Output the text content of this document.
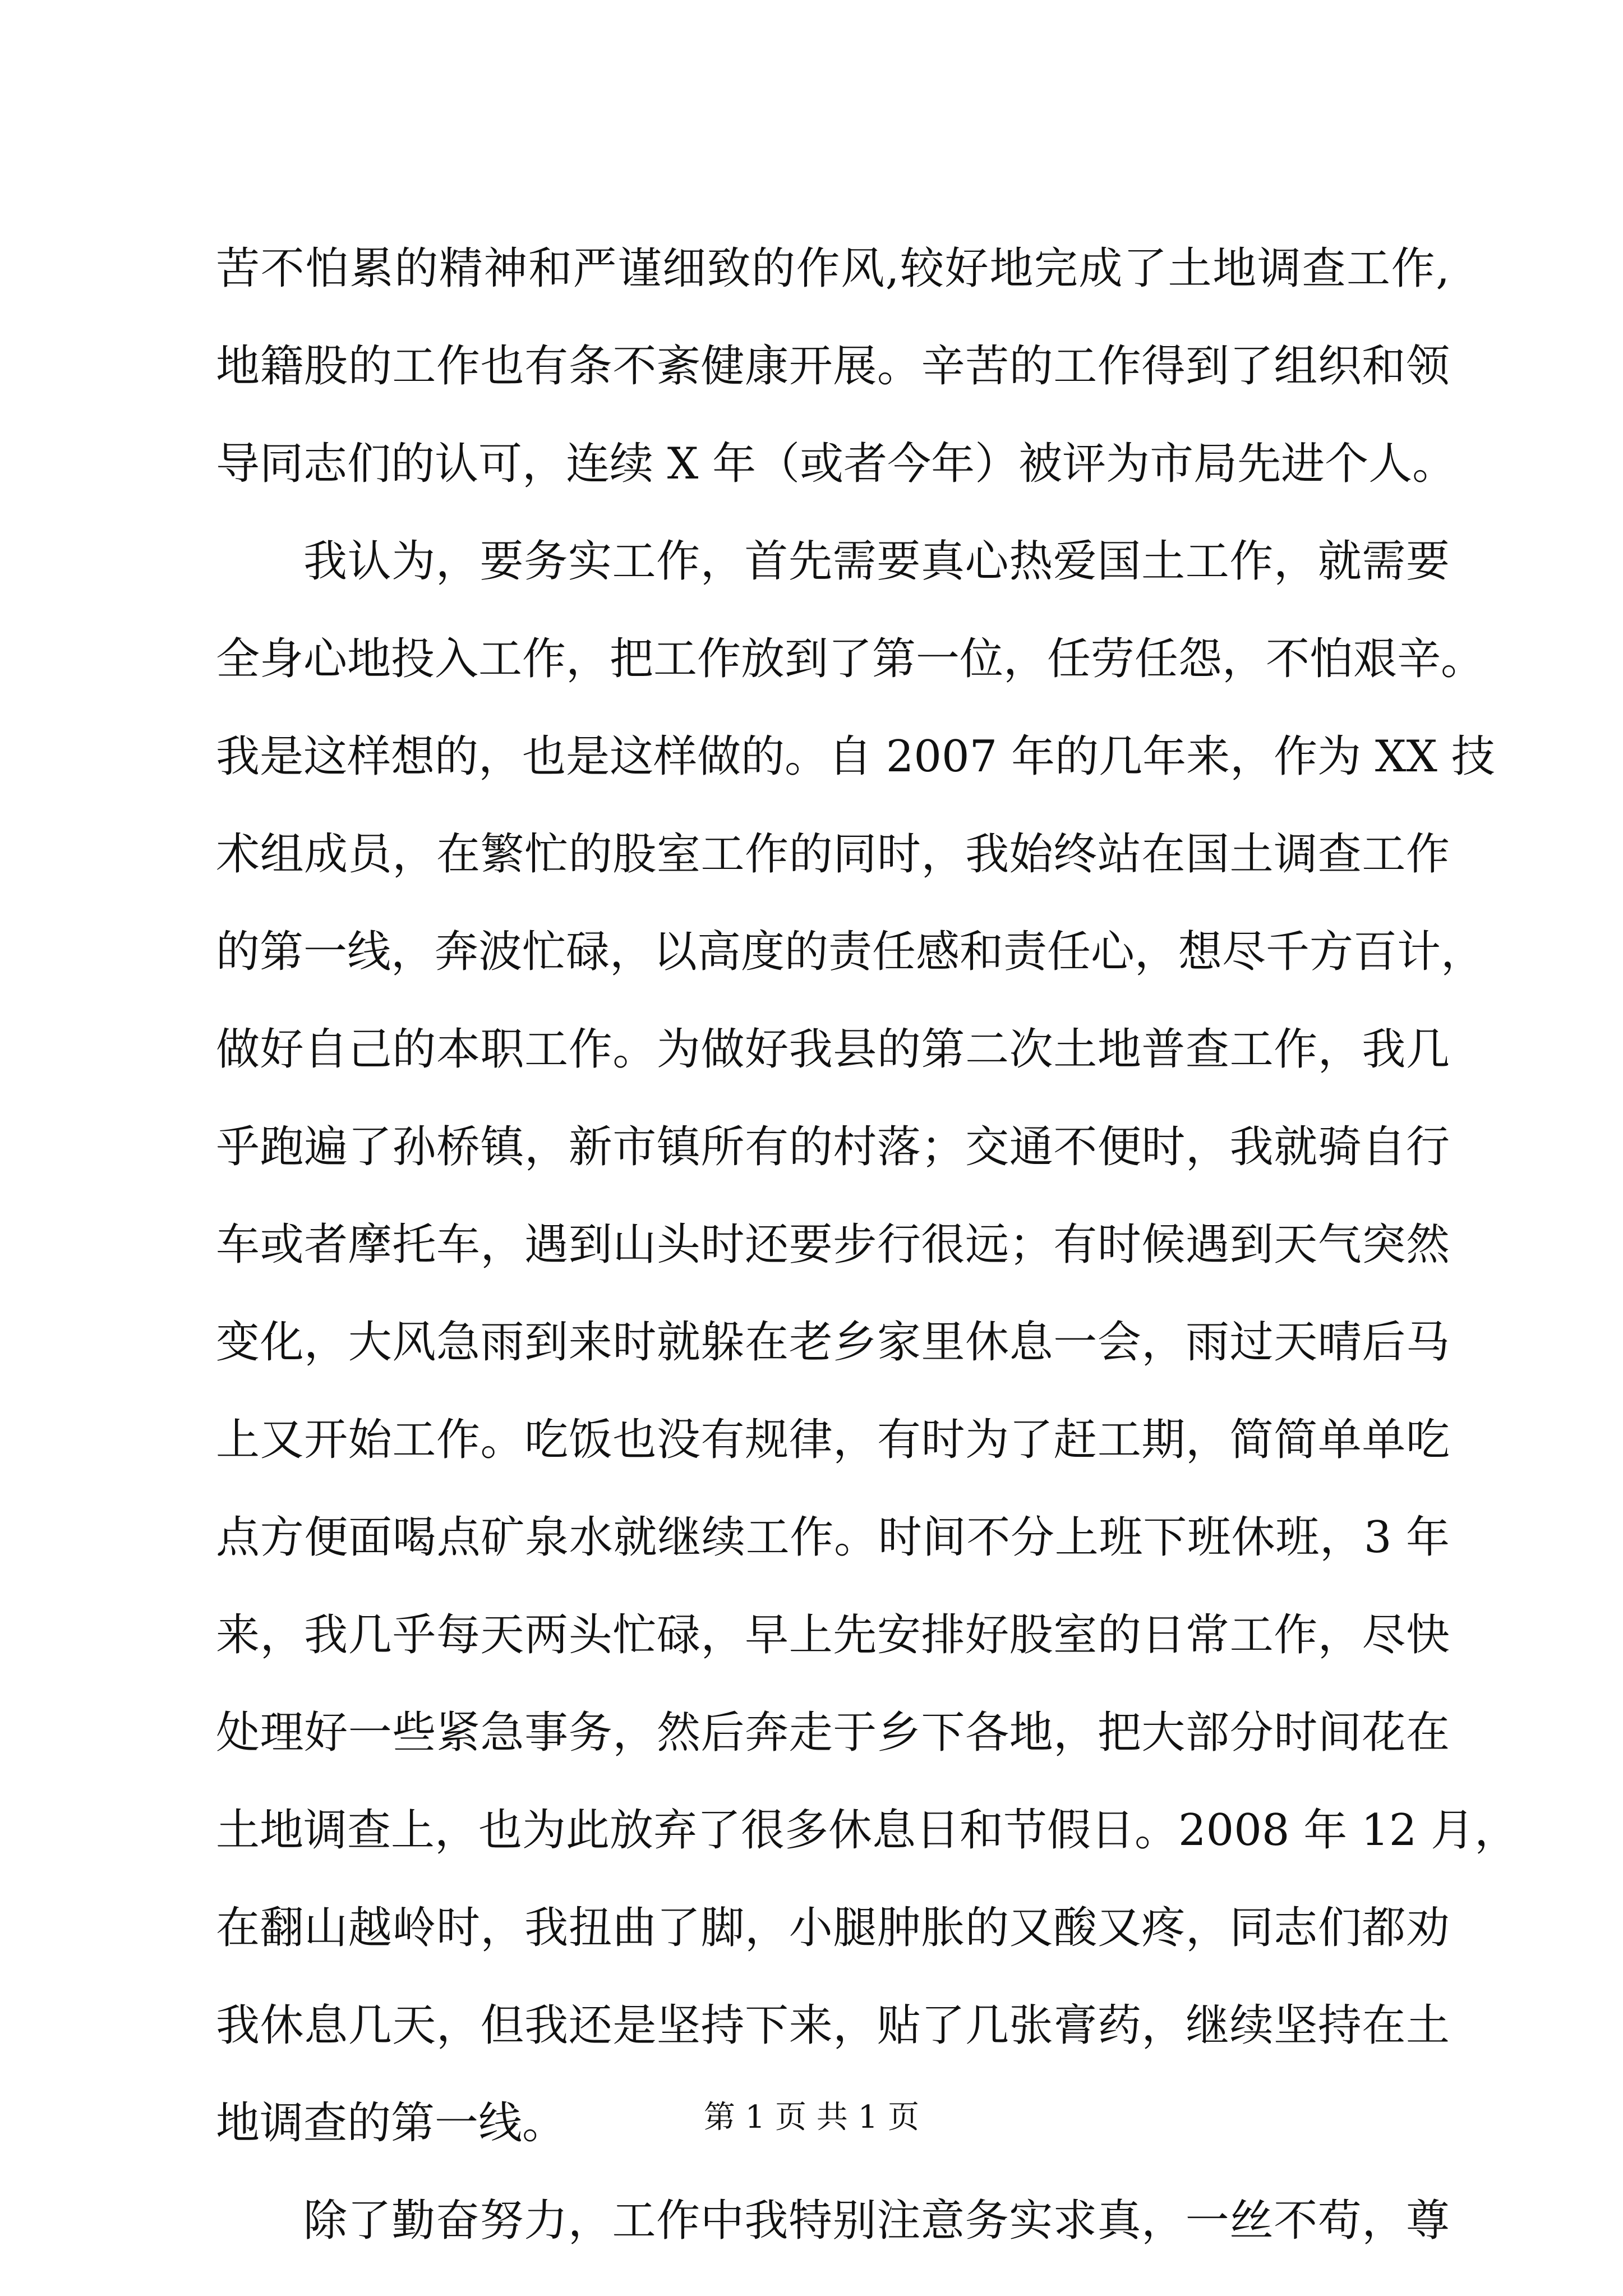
苦不怕累的精神和严谨细致的作风,较好地完成了土地调查工作,
地籍股的工作也有条不紊健康开展。辛苦的工作得到了组织和领
导同志们的认可，连续 X 年（或者今年）被评为市局先进个人。
我认为，要务实工作，首先需要真心热爱国土工作，就需要
全身心地投入工作，把工作放到了第一位，任劳任怨，不怕艰辛。
我是这样想的，也是这样做的。自 2007 年的几年来，作为 XX 技
术组成员，在繁忙的股室工作的同时，我始终站在国土调查工作
的第一线，奔波忙碌，以高度的责任感和责任心，想尽千方百计，
做好自己的本职工作。为做好我县的第二次土地普查工作，我几
乎跑遍了孙桥镇，新市镇所有的村落；交通不便时，我就骑自行
车或者摩托车，遇到山头时还要步行很远；有时候遇到天气突然
变化，大风急雨到来时就躲在老乡家里休息一会，雨过天晴后马
上又开始工作。吃饭也没有规律，有时为了赶工期，简简单单吃
点方便面喝点矿泉水就继续工作。时间不分上班下班休班，3 年
来，我几乎每天两头忙碌，早上先安排好股室的日常工作，尽快
处理好一些紧急事务，然后奔走于乡下各地，把大部分时间花在
土地调查上，也为此放弃了很多休息日和节假日。2008 年 12 月，
在翻山越岭时，我扭曲了脚，小腿肿胀的又酸又疼，同志们都劝
我休息几天，但我还是坚持下来，贴了几张膏药，继续坚持在土
地调查的第一线。
除了勤奋努力，工作中我特别注意务实求真，一丝不苟，尊
第 1 页 共 1 页
